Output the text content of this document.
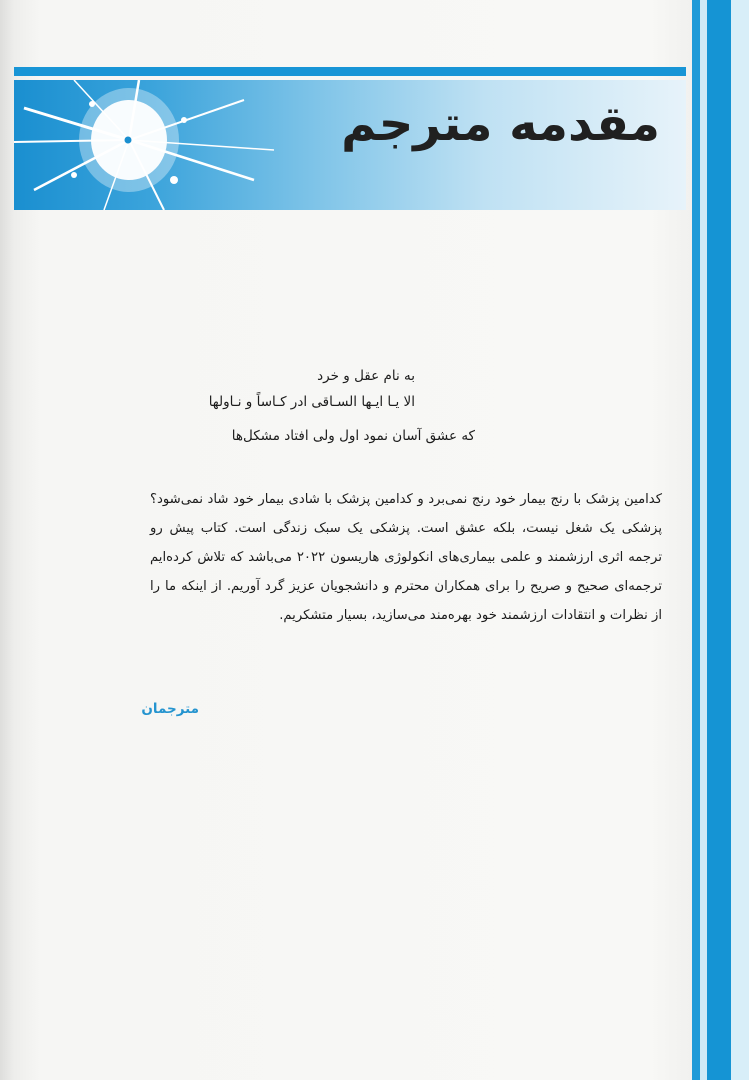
مقدمه مترجم

به نام عقل و خرد

الا یـا ایـها السـاقی ادر کـاساً و نـاولها

که عشق آسان نمود اول ولی افتاد مشکل‌ها

کدامین پزشک با رنج بیمار خود رنج نمی‌برد و کدامین پزشک با شادی بیمار خود شاد نمی‌شود؟ پزشکی یک شغل نیست، بلکه عشق است. پزشکی یک سبک زندگی است. کتاب پیش رو ترجمه اثری ارزشمند و علمی بیماری‌های انکولوژی هاریسون ۲۰۲۲ می‌باشد که تلاش کرده‌ایم ترجمه‌ای صحیح و صریح را برای همکاران محترم و دانشجویان عزیز گرد آوریم. از اینکه ما را از نظرات و انتقادات ارزشمند خود بهره‌مند می‌سازید، بسیار متشکریم.

مترجمان
